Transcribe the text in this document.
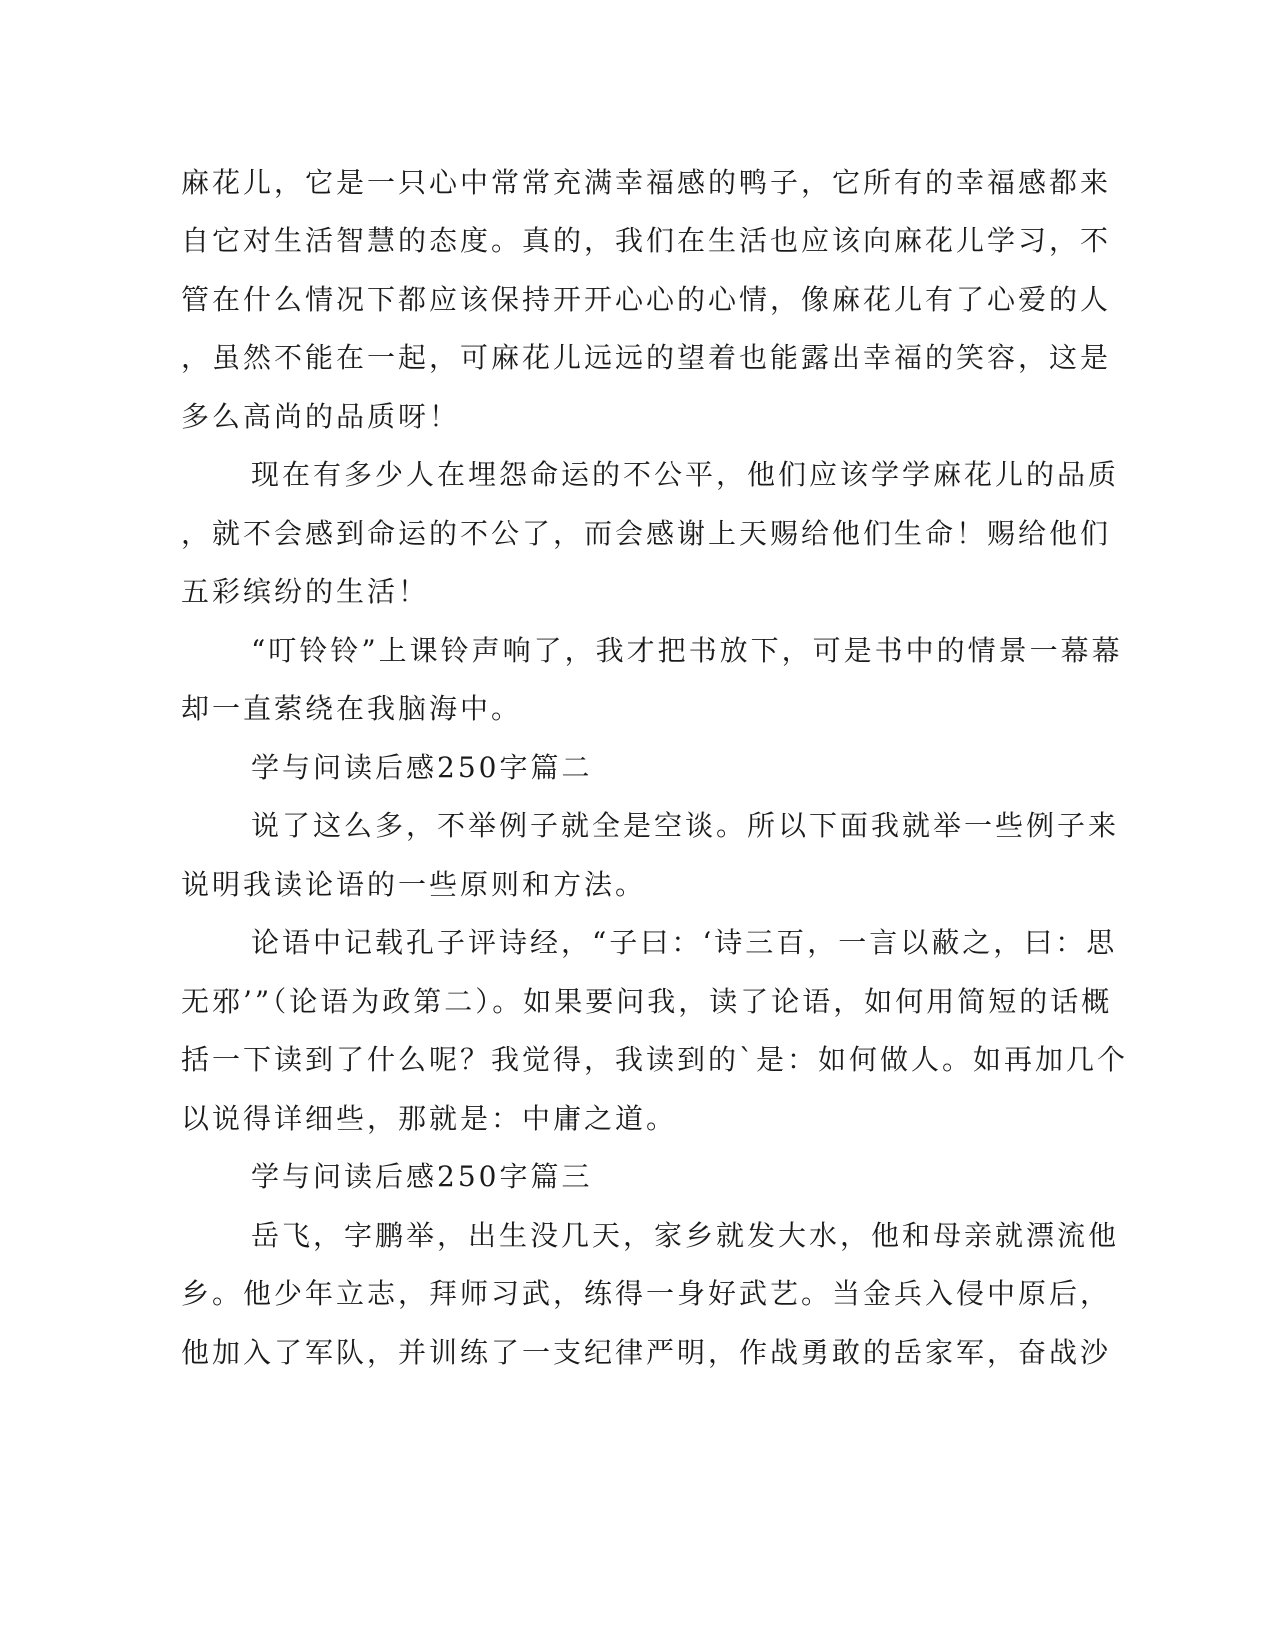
麻花儿，它是一只心中常常充满幸福感的鸭子，它所有的幸福感都来
自它对生活智慧的态度。真的，我们在生活也应该向麻花儿学习，不
管在什么情况下都应该保持开开心心的心情，像麻花儿有了心爱的人
，虽然不能在一起，可麻花儿远远的望着也能露出幸福的笑容，这是
多么高尚的品质呀！
现在有多少人在埋怨命运的不公平，他们应该学学麻花儿的品质
，就不会感到命运的不公了，而会感谢上天赐给他们生命！赐给他们
五彩缤纷的生活！
“叮铃铃”上课铃声响了，我才把书放下，可是书中的情景一幕幕
却一直萦绕在我脑海中。
学与问读后感250字篇二
说了这么多，不举例子就全是空谈。所以下面我就举一些例子来
说明我读论语的一些原则和方法。
论语中记载孔子评诗经，“子曰：‘诗三百，一言以蔽之，曰：思
无邪’”（论语为政第二）。如果要问我，读了论语，如何用简短的话概
括一下读到了什么呢？我觉得，我读到的`是：如何做人。如再加几个
以说得详细些，那就是：中庸之道。
学与问读后感250字篇三
岳飞，字鹏举，出生没几天，家乡就发大水，他和母亲就漂流他
乡。他少年立志，拜师习武，练得一身好武艺。当金兵入侵中原后，
他加入了军队，并训练了一支纪律严明，作战勇敢的岳家军，奋战沙
